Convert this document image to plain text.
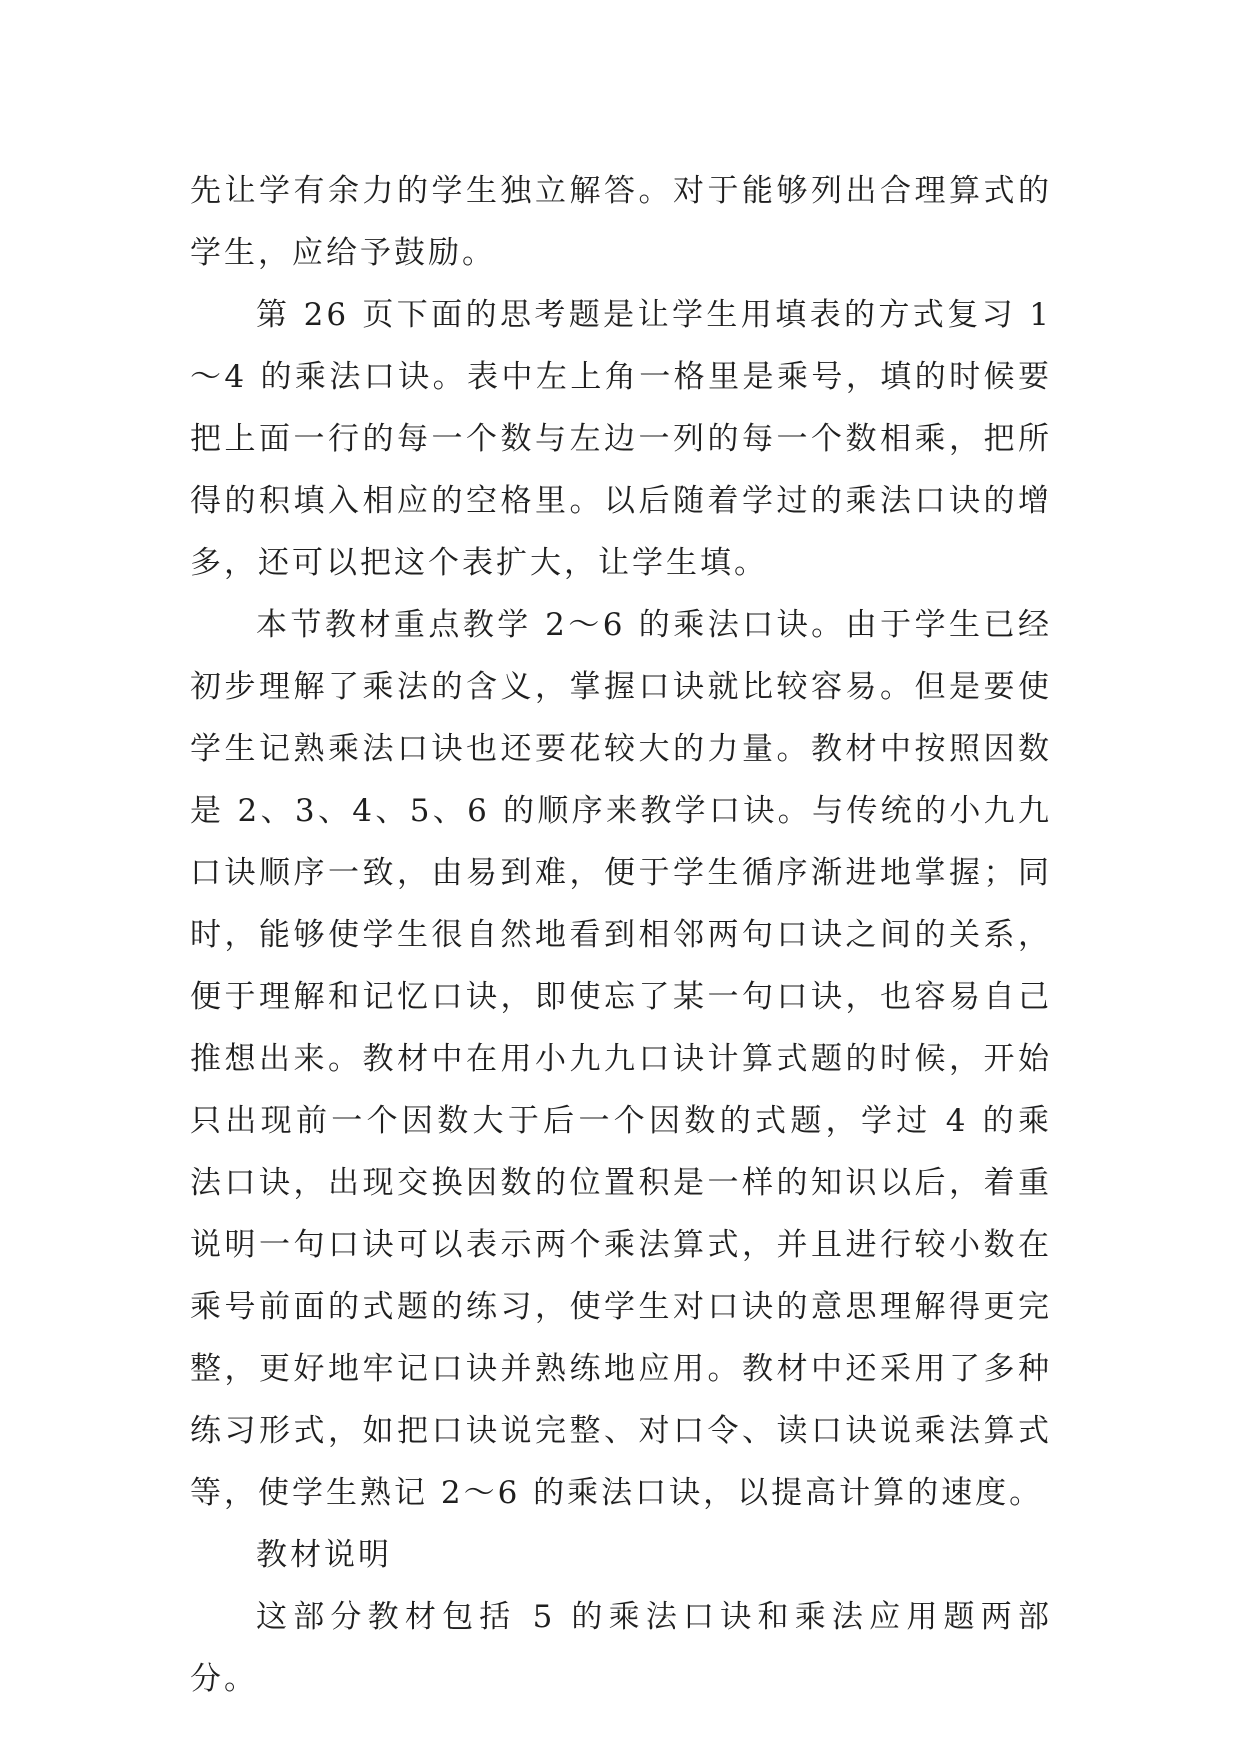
先让学有余力的学生独立解答。对于能够列出合理算式的学生，应给予鼓励。

第 26 页下面的思考题是让学生用填表的方式复习 1～4 的乘法口诀。表中左上角一格里是乘号，填的时候要把上面一行的每一个数与左边一列的每一个数相乘，把所得的积填入相应的空格里。以后随着学过的乘法口诀的增多，还可以把这个表扩大，让学生填。

本节教材重点教学 2～6 的乘法口诀。由于学生已经初步理解了乘法的含义，掌握口诀就比较容易。但是要使学生记熟乘法口诀也还要花较大的力量。教材中按照因数是 2、3、4、5、6 的顺序来教学口诀。与传统的小九九口诀顺序一致，由易到难，便于学生循序渐进地掌握；同时，能够使学生很自然地看到相邻两句口诀之间的关系，便于理解和记忆口诀，即使忘了某一句口诀，也容易自己推想出来。教材中在用小九九口诀计算式题的时候，开始只出现前一个因数大于后一个因数的式题，学过 4 的乘法口诀，出现交换因数的位置积是一样的知识以后，着重说明一句口诀可以表示两个乘法算式，并且进行较小数在乘号前面的式题的练习，使学生对口诀的意思理解得更完整，更好地牢记口诀并熟练地应用。教材中还采用了多种练习形式，如把口诀说完整、对口令、读口诀说乘法算式等，使学生熟记 2～6 的乘法口诀，以提高计算的速度。

教材说明

这部分教材包括 5 的乘法口诀和乘法应用题两部分。
